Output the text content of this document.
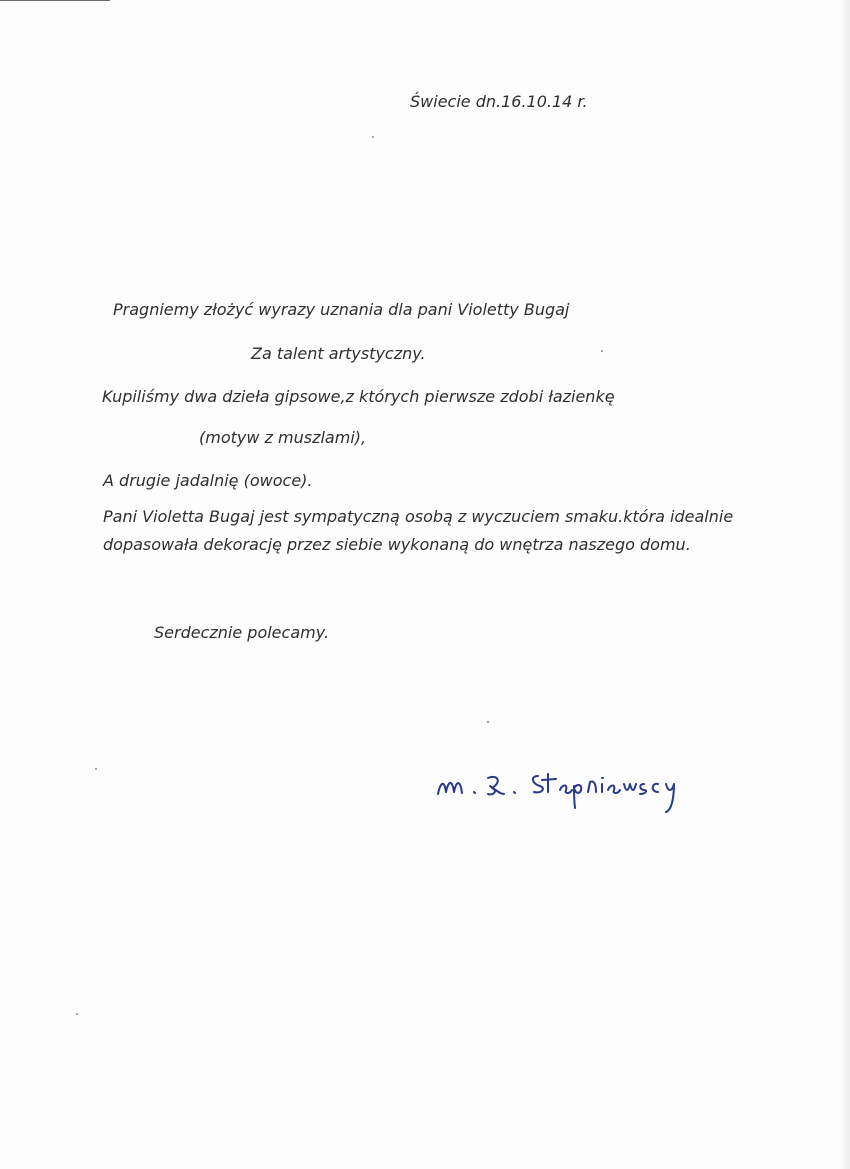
Świecie dn.16.10.14 r.
Pragniemy złożyć wyrazy uznania dla pani Violetty Bugaj
Za talent artystyczny.
Kupiliśmy dwa dzieła gipsowe,z których pierwsze zdobi łazienkę
(motyw z muszlami),
A drugie jadalnię (owoce).
Pani Violetta Bugaj jest sympatyczną osobą z wyczuciem smaku.która idealnie
dopasowała dekorację przez siebie wykonaną do wnętrza naszego domu.
Serdecznie polecamy.
